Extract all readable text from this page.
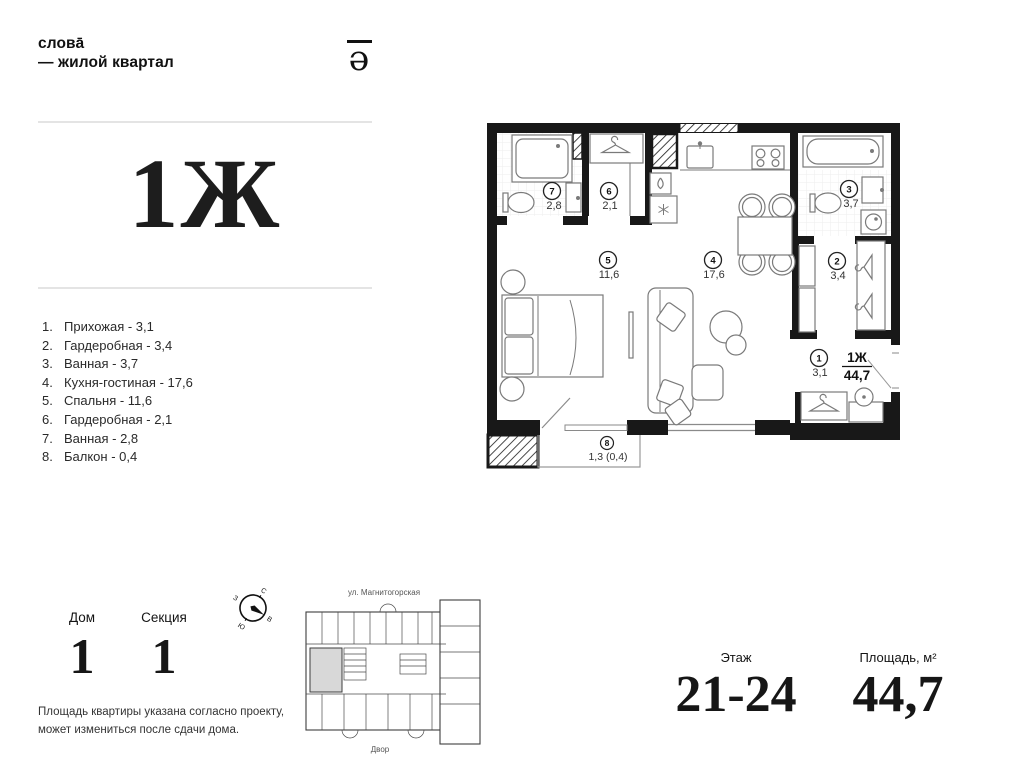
слова̄
— жилой квартал	ə
1Ж
1. Прихожая - 3,1
2. Гардеробная - 3,4
3. Ванная - 3,7
4. Кухня-гостиная - 17,6
5. Спальня - 11,6
6. Гардеробная - 2,1
7. Ванная - 2,8
8. Балкон - 0,4
Дом
1
Секция
1
С
В
Ю
З
ул. Магнитогорская
Двор
Площадь квартиры указана согласно проекту,
может измениться после сдачи дома.
Этаж
21-24
Площадь, м²
44,7
7
2,8
6
2,1
3
3,7
2
3,4
5
11,6
4
17,6
1
3,1
8
1,3 (0,4)
1Ж
44,7
